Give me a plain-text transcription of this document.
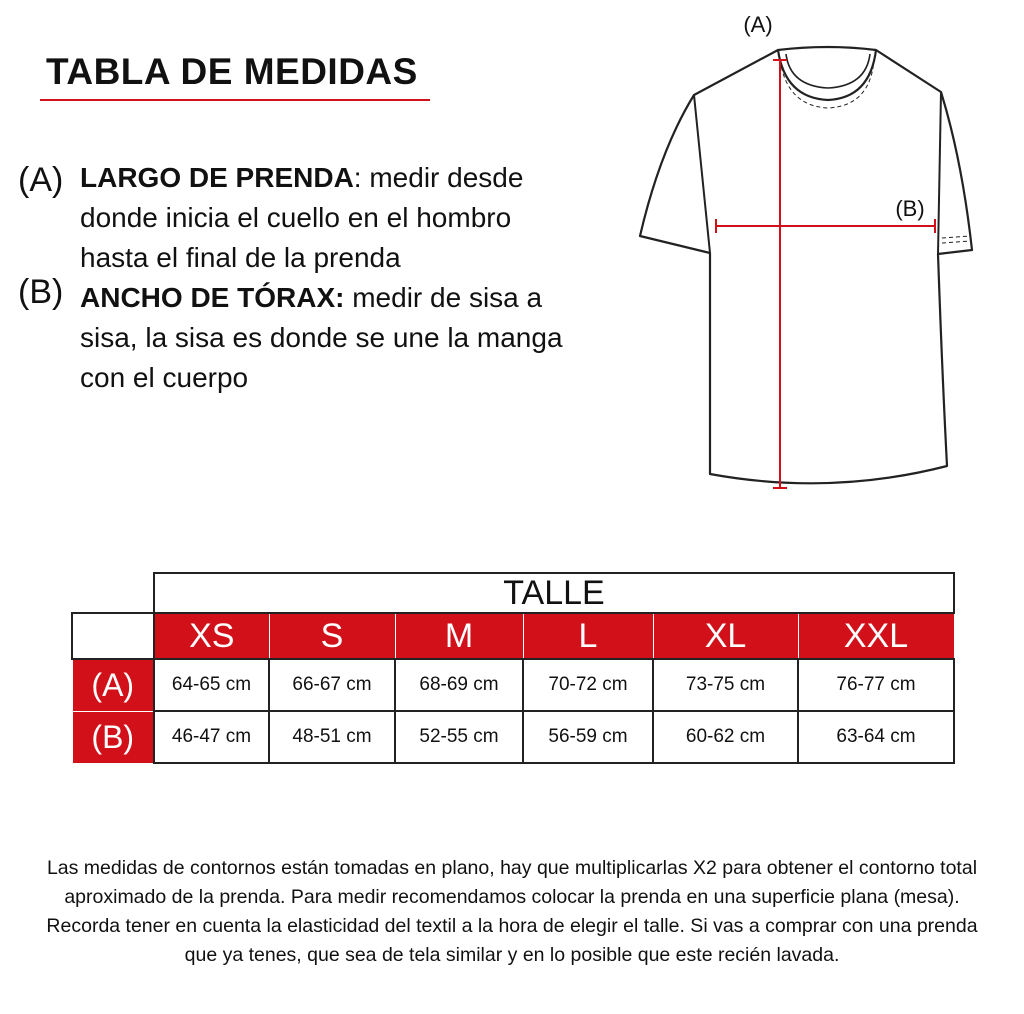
TABLA DE MEDIDAS
(A) LARGO DE PRENDA: medir desde donde inicia el cuello en el hombro hasta el final de la prenda
(B) ANCHO DE TÓRAX: medir de sisa a sisa, la sisa es donde se une la manga con el cuerpo
(A)
(B)
	TALLE					
	XS	S	M	L	XL	XXL
(A)	64-65 cm	66-67 cm	68-69 cm	70-72 cm	73-75 cm	76-77 cm
(B)	46-47 cm	48-51 cm	52-55 cm	56-59 cm	60-62 cm	63-64 cm

Las medidas de contornos están tomadas en plano, hay que multiplicarlas X2 para obtener el contorno total aproximado de la prenda. Para medir recomendamos colocar la prenda en una superficie plana (mesa). Recorda tener en cuenta la elasticidad del textil a la hora de elegir el talle. Si vas a comprar con una prenda que ya tenes, que sea de tela similar y en lo posible que este recién lavada.
